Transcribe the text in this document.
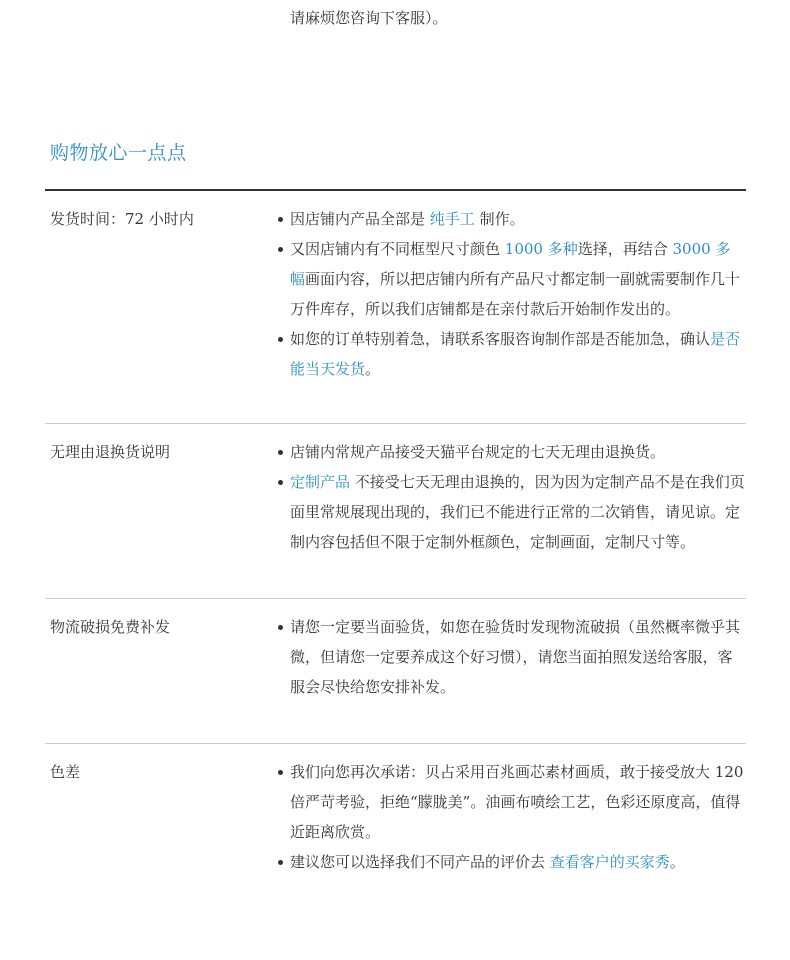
请麻烦您咨询下客服）。
购物放心一点点
发货时间：72 小时内	因店铺内产品全部是 纯手工 制作。
又因店铺内有不同框型尺寸颜色 1000 多种选择，再结合 3000 多幅画面内容，所以把店铺内所有产品尺寸都定制一副就需要制作几十万件库存，所以我们店铺都是在亲付款后开始制作发出的。
如您的订单特别着急，请联系客服咨询制作部是否能加急，确认是否能当天发货。
无理由退换货说明	店铺内常规产品接受天猫平台规定的七天无理由退换货。
定制产品 不接受七天无理由退换的，因为因为定制产品不是在我们页面里常规展现出现的，我们已不能进行正常的二次销售，请见谅。定制内容包括但不限于定制外框颜色，定制画面，定制尺寸等。
物流破损免费补发	请您一定要当面验货，如您在验货时发现物流破损（虽然概率微乎其微，但请您一定要养成这个好习惯），请您当面拍照发送给客服，客服会尽快给您安排补发。
色差	我们向您再次承诺：贝占采用百兆画芯素材画质，敢于接受放大 120 倍严苛考验，拒绝“朦胧美”。油画布喷绘工艺，色彩还原度高，值得近距离欣赏。
建议您可以选择我们不同产品的评价去 查看客户的买家秀。
